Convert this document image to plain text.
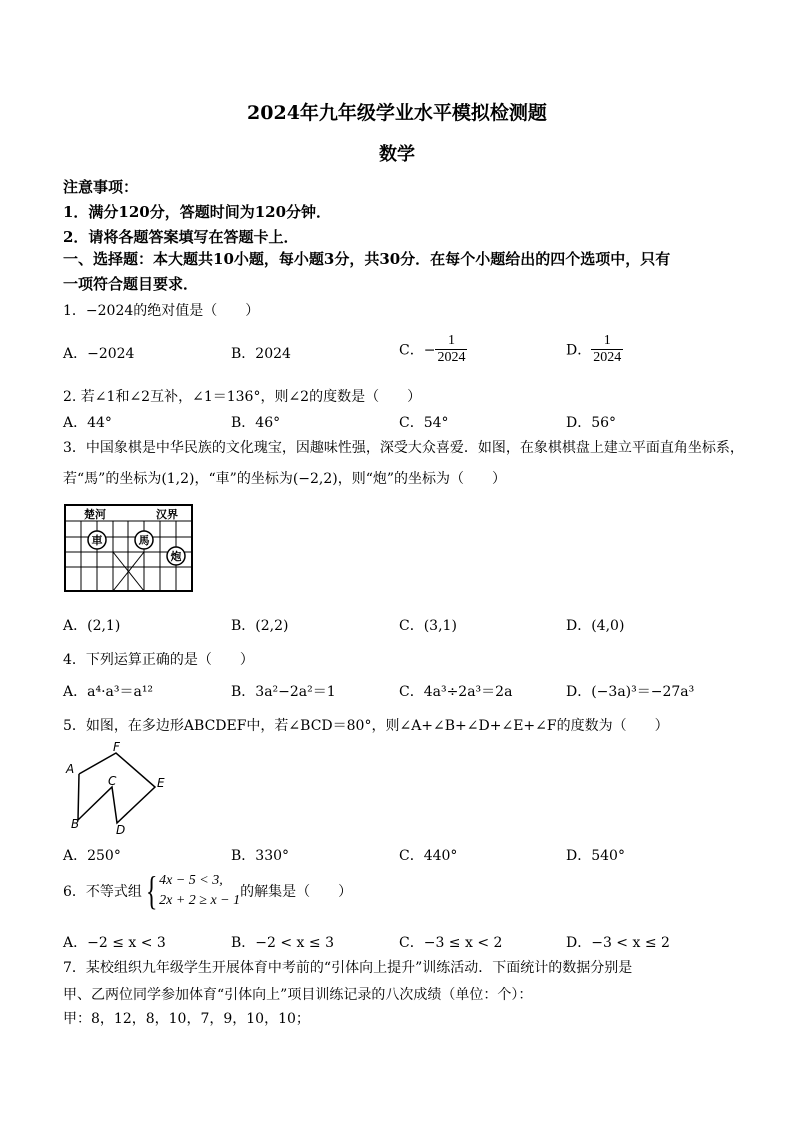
2024年九年级学业水平模拟检测题
数学
注意事项：
1．满分120分，答题时间为120分钟．
2．请将各题答案填写在答题卡上．
一、选择题：本大题共10小题，每小题3分，共30分．在每个小题给出的四个选项中，只有
一项符合题目要求．
1．−2024的绝对值是（　　）
A．−2024	B．2024	C．− $\frac{1}{2024}$	D． $\frac{1}{2024}$
2. 若∠1和∠2互补，∠1＝136°，则∠2的度数是（　　）
A．44°	B．46°	C．54°	D．56°
3．中国象棋是中华民族的文化瑰宝，因趣味性强，深受大众喜爱．如图，在象棋棋盘上建立平面直角坐标系，
若“馬”的坐标为(1,2)，“車”的坐标为(−2,2)，则“炮”的坐标为（　　）
楚河	汉界
車	馬
炮
A．(2,1)	B．(2,2)	C．(3,1)	D．(4,0)
4．下列运算正确的是（　　）
A．a⁴·a³＝a¹²	B．3a²−2a²＝1	C．4a³÷2a³＝2a	D．(−3a)³＝−27a³
5．如图，在多边形ABCDEF中，若∠BCD＝80°，则∠A+∠B+∠D+∠E+∠F的度数为（　　）
A
B
C
D
E
F
A．250°	B．330°	C．440°	D．540°
6．不等式组{ 4x − 5 < 3,
2x + 2 ≥ x − 1
的解集是（　　）
A．−2 ≤ x < 3	B．−2 < x ≤ 3	C．−3 ≤ x < 2	D．−3 < x ≤ 2
7．某校组织九年级学生开展体育中考前的“引体向上提升”训练活动．下面统计的数据分别是
甲、乙两位同学参加体育“引体向上”项目训练记录的八次成绩（单位：个）：
甲：8，12，8，10，7，9，10，10；
